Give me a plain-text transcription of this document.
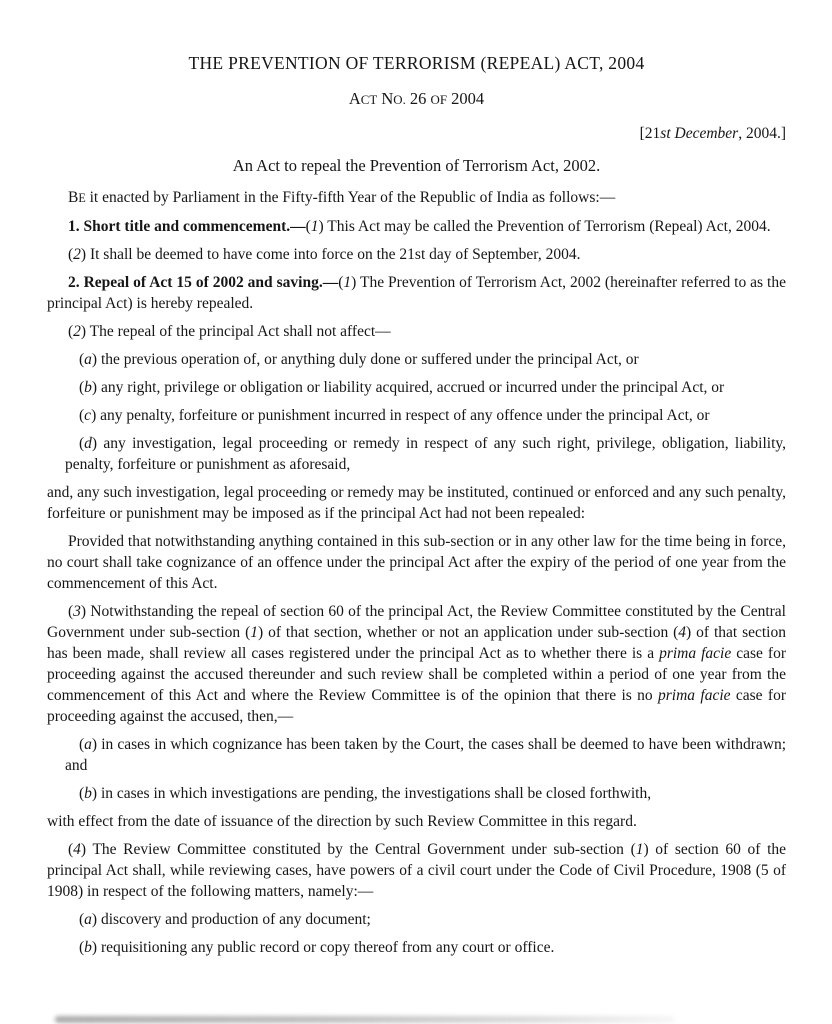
THE PREVENTION OF TERRORISM (REPEAL) ACT, 2004

ACT NO. 26 OF 2004

[21st December, 2004.]

An Act to repeal the Prevention of Terrorism Act, 2002.

BE it enacted by Parliament in the Fifty-fifth Year of the Republic of India as follows:—

1. Short title and commencement.—(1) This Act may be called the Prevention of Terrorism (Repeal) Act, 2004.

(2) It shall be deemed to have come into force on the 21st day of September, 2004.

2. Repeal of Act 15 of 2002 and saving.—(1) The Prevention of Terrorism Act, 2002 (hereinafter referred to as the principal Act) is hereby repealed.

(2) The repeal of the principal Act shall not affect—

(a) the previous operation of, or anything duly done or suffered under the principal Act, or

(b) any right, privilege or obligation or liability acquired, accrued or incurred under the principal Act, or

(c) any penalty, forfeiture or punishment incurred in respect of any offence under the principal Act, or

(d) any investigation, legal proceeding or remedy in respect of any such right, privilege, obligation, liability, penalty, forfeiture or punishment as aforesaid,

and, any such investigation, legal proceeding or remedy may be instituted, continued or enforced and any such penalty, forfeiture or punishment may be imposed as if the principal Act had not been repealed:

Provided that notwithstanding anything contained in this sub-section or in any other law for the time being in force, no court shall take cognizance of an offence under the principal Act after the expiry of the period of one year from the commencement of this Act.

(3) Notwithstanding the repeal of section 60 of the principal Act, the Review Committee constituted by the Central Government under sub-section (1) of that section, whether or not an application under sub-section (4) of that section has been made, shall review all cases registered under the principal Act as to whether there is a prima facie case for proceeding against the accused thereunder and such review shall be completed within a period of one year from the commencement of this Act and where the Review Committee is of the opinion that there is no prima facie case for proceeding against the accused, then,—

(a) in cases in which cognizance has been taken by the Court, the cases shall be deemed to have been withdrawn; and

(b) in cases in which investigations are pending, the investigations shall be closed forthwith,

with effect from the date of issuance of the direction by such Review Committee in this regard.

(4) The Review Committee constituted by the Central Government under sub-section (1) of section 60 of the principal Act shall, while reviewing cases, have powers of a civil court under the Code of Civil Procedure, 1908 (5 of 1908) in respect of the following matters, namely:—

(a) discovery and production of any document;

(b) requisitioning any public record or copy thereof from any court or office.
